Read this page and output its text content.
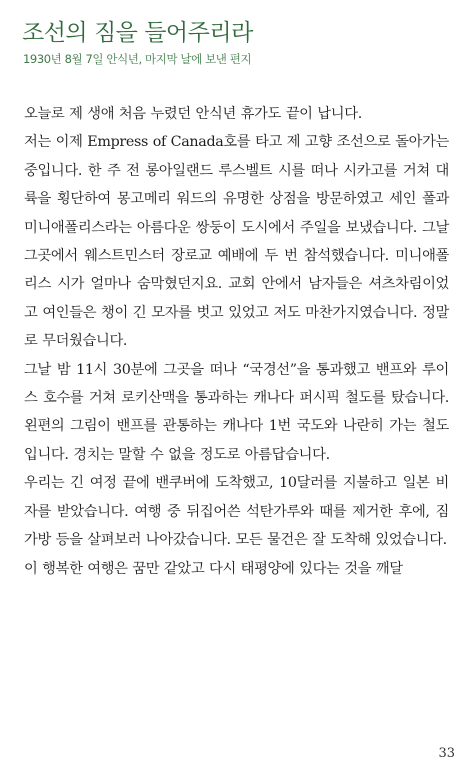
조선의 짐을 들어주리라
1930년 8월 7일 안식년, 마지막 날에 보낸 편지

오늘로 제 생애 처음 누렸던 안식년 휴가도 끝이 납니다.

저는 이제 Empress of Canada호를 타고 제 고향 조선으로 돌아가는 중입니다. 한 주 전 롱아일랜드 루스벨트 시를 떠나 시카고를 거쳐 대륙을 횡단하여 몽고메리 워드의 유명한 상점을 방문하였고 세인 폴과 미니애폴리스라는 아름다운 쌍둥이 도시에서 주일을 보냈습니다. 그날 그곳에서 웨스트민스터 장로교 예배에 두 번 참석했습니다. 미니애폴리스 시가 얼마나 숨막혔던지요. 교회 안에서 남자들은 셔츠차림이었고 여인들은 챙이 긴 모자를 벗고 있었고 저도 마찬가지였습니다. 정말로 무더웠습니다.

그날 밤 11시 30분에 그곳을 떠나 “국경선”을 통과했고 밴프와 루이스 호수를 거쳐 로키산맥을 통과하는 캐나다 퍼시픽 철도를 탔습니다. 왼편의 그림이 밴프를 관통하는 캐나다 1번 국도와 나란히 가는 철도입니다. 경치는 말할 수 없을 정도로 아름답습니다.

우리는 긴 여정 끝에 밴쿠버에 도착했고, 10달러를 지불하고 일본 비자를 받았습니다. 여행 중 뒤집어쓴 석탄가루와 때를 제거한 후에, 짐 가방 등을 살펴보러 나아갔습니다. 모든 물건은 잘 도착해 있었습니다.

이 행복한 여행은 꿈만 같았고 다시 태평양에 있다는 것을 깨달

33
